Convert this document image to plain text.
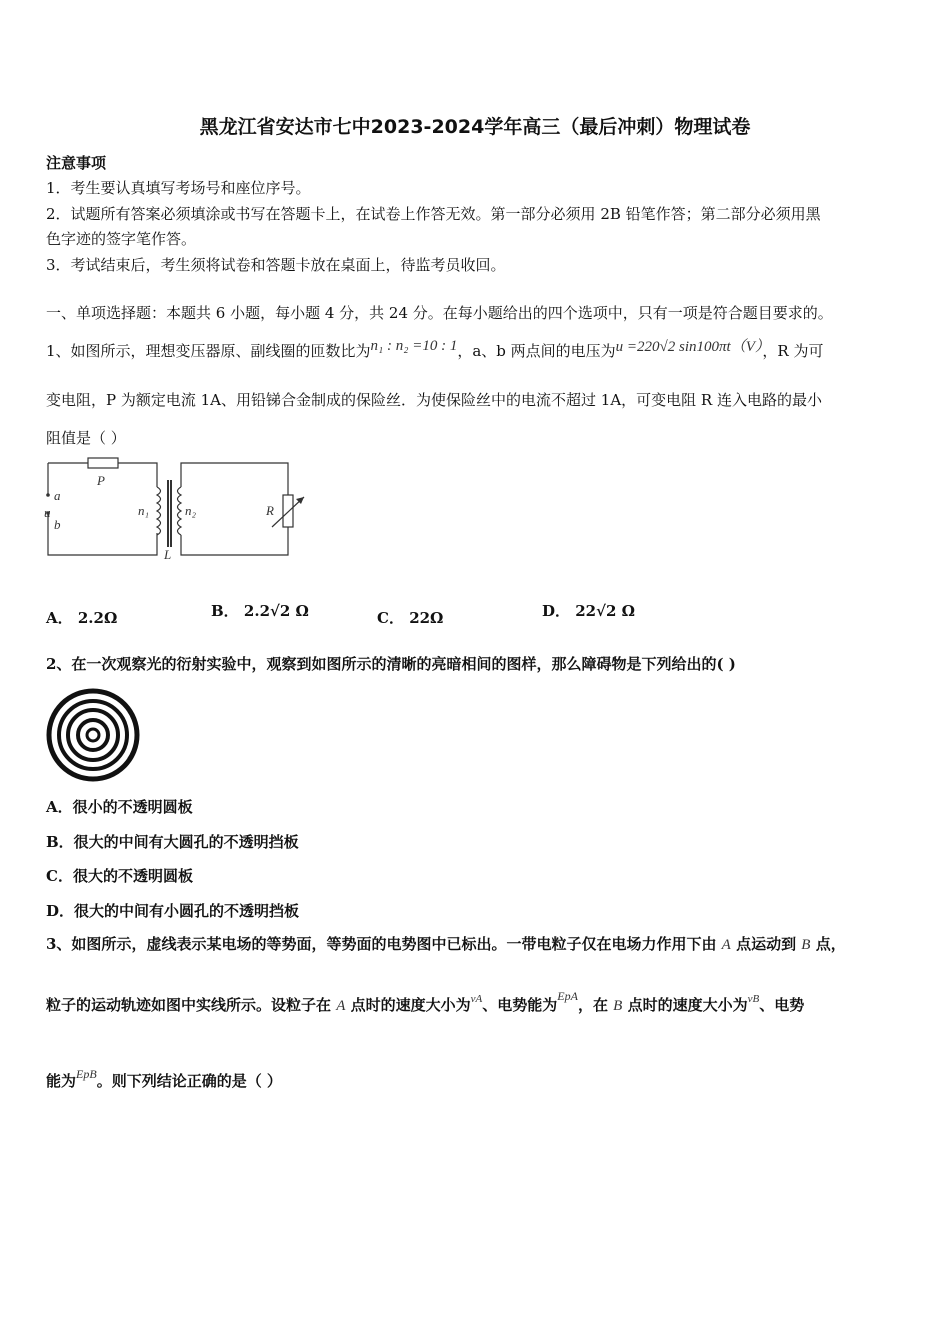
黑龙江省安达市七中2023-2024学年高三（最后冲刺）物理试卷
注意事项
1．考生要认真填写考场号和座位序号。
2．试题所有答案必须填涂或书写在答题卡上，在试卷上作答无效。第一部分必须用 2B 铅笔作答；第二部分必须用黑
色字迹的签字笔作答。
3．考试结束后，考生须将试卷和答题卡放在桌面上，待监考员收回。
一、单项选择题：本题共 6 小题，每小题 4 分，共 24 分。在每小题给出的四个选项中，只有一项是符合题目要求的。
1、如图所示，理想变压器原、副线圈的匝数比为n₁ : n₂ =10 : 1，a、b 两点间的电压为u =220√2 sin100πt（V），R 为可
变电阻，P 为额定电流 1A、用铅锑合金制成的保险丝．为使保险丝中的电流不超过 1A，可变电阻 R 连入电路的最小
阻值是（ ）
P
a
u
b
n₁	n₂
L
R
A． 2.2Ω	B． 2.2√2 Ω	C． 22Ω	D． 22√2 Ω
2、在一次观察光的衍射实验中，观察到如图所示的清晰的亮暗相间的图样，那么障碍物是下列给出的( )
A．很小的不透明圆板
B．很大的中间有大圆孔的不透明挡板
C．很大的不透明圆板
D．很大的中间有小圆孔的不透明挡板
3、如图所示，虚线表示某电场的等势面，等势面的电势图中已标出。一带电粒子仅在电场力作用下由 A 点运动到 B 点，
粒子的运动轨迹如图中实线所示。设粒子在 A 点时的速度大小为$^{vA}$、电势能为$^{EpA}$，在 B 点时的速度大小为$^{vB}$、电势
能为$^{EpB}$。则下列结论正确的是（ ）
